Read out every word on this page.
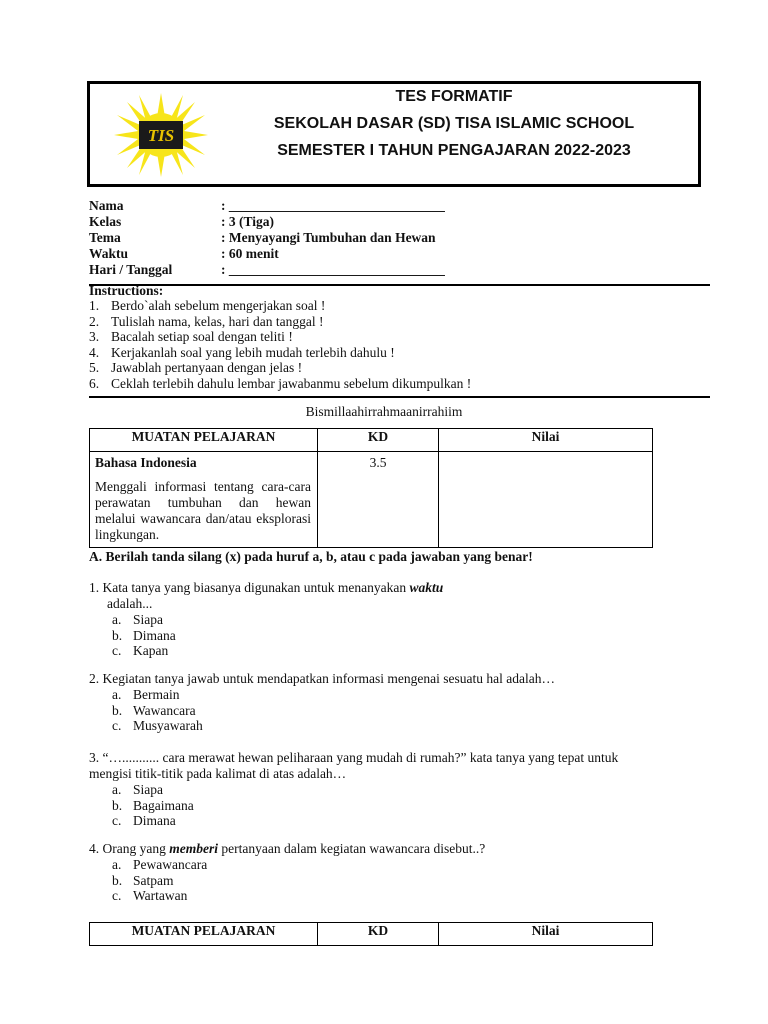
TIS
TES FORMATIF
SEKOLAH DASAR (SD) TISA ISLAMIC SCHOOL
SEMESTER I TAHUN PENGAJARAN 2022-2023
Nama	: ________________________________
Kelas	: 3 (Tiga)
Tema	: Menyayangi Tumbuhan dan Hewan
Waktu	: 60 menit
Hari / Tanggal	: ________________________________
Instructions:
1. Berdo`alah sebelum mengerjakan soal !
2. Tulislah nama, kelas, hari dan tanggal !
3. Bacalah setiap soal dengan teliti !
4. Kerjakanlah soal yang lebih mudah terlebih dahulu !
5. Jawablah pertanyaan dengan jelas !
6. Ceklah terlebih dahulu lembar jawabanmu sebelum dikumpulkan !
Bismillaahirrahmaanirrahiim
MUATAN PELAJARAN	KD	Nilai

Bahasa Indonesia
Menggali informasi tentang cara-cara perawatan tumbuhan dan hewan melalui wawancara dan/atau eksplorasi lingkungan.	3.5	

A. Berilah tanda silang (x) pada huruf a, b, atau c pada jawaban yang benar!
1. Kata tanya yang biasanya digunakan untuk menanyakan waktu
adalah...
a. Siapa
b. Dimana
c. Kapan
2. Kegiatan tanya jawab untuk mendapatkan informasi mengenai sesuatu hal adalah…
a. Bermain
b. Wawancara
c. Musyawarah
3. “…........... cara merawat hewan peliharaan yang mudah di rumah?” kata tanya yang tepat untuk
mengisi titik-titik pada kalimat di atas adalah…
a. Siapa
b. Bagaimana
c. Dimana
4. Orang yang memberi pertanyaan dalam kegiatan wawancara disebut..?
a. Pewawancara
b. Satpam
c. Wartawan
MUATAN PELAJARAN	KD	Nilai
